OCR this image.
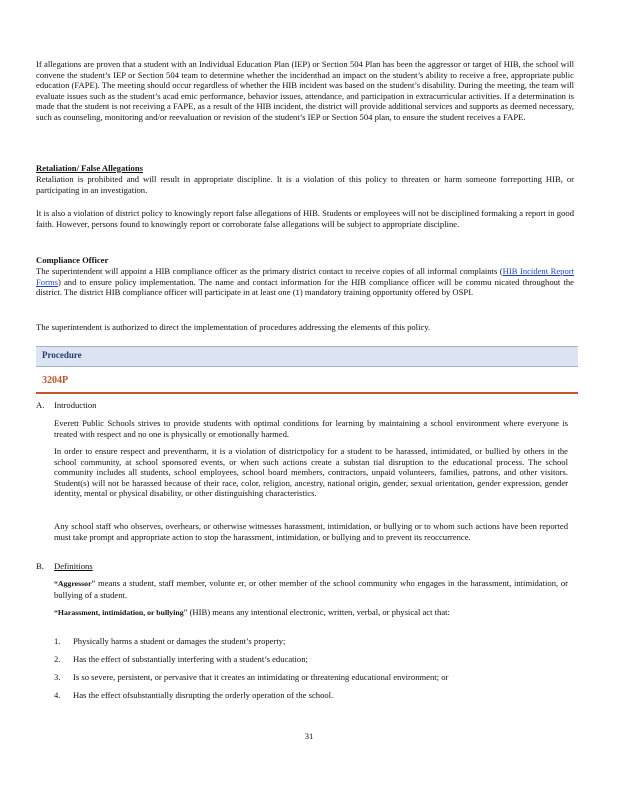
If allegations are proven that a student with an Individual Education Plan (IEP) or Section 504 Plan has been the aggressor or target of HIB, the school will convene the student’s IEP or Section 504 team to determine whether the incidenthad an impact on the student’s ability to receive a free, appropriate public education (FAPE). The meeting should occur regardless of whether the HIB incident was based on the student’s disability. During the meeting, the team will evaluate issues such as the student’s acad emic performance, behavior issues, attendance, and participation in extracurricular activities. If a determination is made that the student is not receiving a FAPE, as a result of the HIB incident, the district will provide additional services and supports as deemed necessary, such as counseling, monitoring and/or reevaluation or revision of the student’s IEP or Section 504 plan, to ensure the student receives a FAPE.

Retaliation/ False Allegations

Retaliation is prohibited and will result in appropriate discipline. It is a violation of this policy to threaten or harm someone forreporting HIB, or participating in an investigation.

It is also a violation of district policy to knowingly report false allegations of HIB. Students or employees will not be disciplined formaking a report in good faith. However, persons found to knowingly report or corroborate false allegations will be subject to appropriate discipline.

Compliance Officer

The superintendent will appoint a HIB compliance officer as the primary district contact to receive copies of all informal complaints (HIB Incident Report Forms) and to ensure policy implementation. The name and contact information for the HIB compliance officer will be commu nicated throughout the district. The district HIB compliance officer will participate in at least one (1) mandatory training opportunity offered by OSPI.

The superintendent is authorized to direct the implementation of procedures addressing the elements of this policy.

Procedure
3204P
A. Introduction

Everett Public Schools strives to provide students with optimal conditions for learning by maintaining a school environment where everyone is treated with respect and no one is physically or emotionally harmed.

In order to ensure respect and preventharm, it is a violation of districtpolicy for a student to be harassed, intimidated, or bullied by others in the school community, at school sponsored events, or when such actions create a substan tial disruption to the educational process. The school community includes all students, school employees, school board members, contractors, unpaid volunteers, families, patrons, and other visitors. Student(s) will not be harassed because of their race, color, religion, ancestry, national origin, gender, sexual orientation, gender expression, gender identity, mental or physical disability, or other distinguishing characteristics.

Any school staff who observes, overhears, or otherwise witnesses harassment, intimidation, or bullying or to whom such actions have been reported must take prompt and appropriate action to stop the harassment, intimidation, or bullying and to prevent its reoccurrence.

B. Definitions

“Aggressor” means a student, staff member, volunte er, or other member of the school community who engages in the harassment, intimidation, or bullying of a student.

“Harassment, intimidation, or bullying” (HIB) means any intentional electronic, written, verbal, or physical act that:

1. Physically harms a student or damages the student’s property;
2. Has the effect of substantially interfering with a student’s education;
3. Is so severe, persistent, or pervasive that it creates an intimidating or threatening educational environment; or
4. Has the effect ofsubstantially disrupting the orderly operation of the school.
31
